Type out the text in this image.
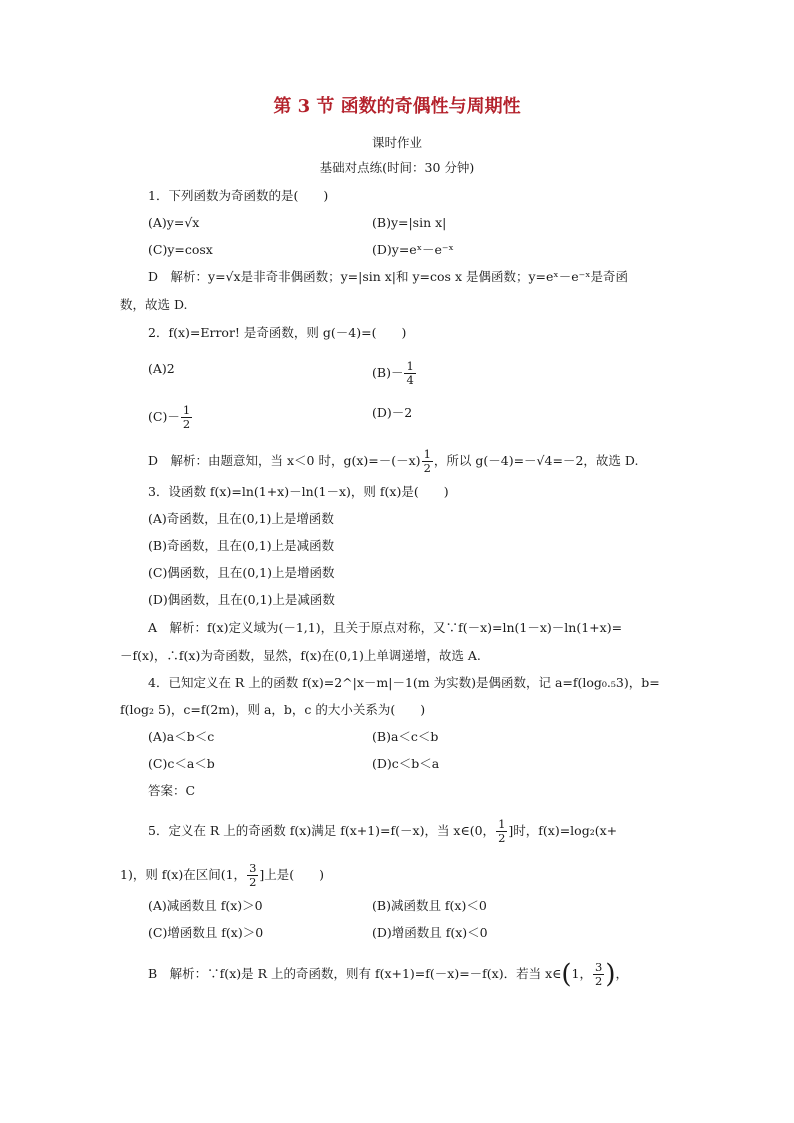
第 3 节 函数的奇偶性与周期性
课时作业
基础对点练(时间：30 分钟)
1．下列函数为奇函数的是(　　)
(A)y=√x	(B)y=|sin x|
(C)y=cosx	(D)y=eˣ－e⁻ˣ
D　解析：y=√x是非奇非偶函数；y=|sin x|和 y=cos x 是偶函数；y=eˣ－e⁻ˣ是奇函
数，故选 D.
2．f(x)=Error! 是奇函数，则 g(－4)=(　　)
(A)2	$(B)- \frac{1}{4}$
$(C)- \frac{1}{2}$	(D)－2
D　解析：由题意知，当 x＜0 时，$g(x)=-(-x) \frac{1}{2}$ ，所以 g(－4)=－√4=－2，故选 D.
3．设函数 f(x)=ln(1+x)－ln(1－x)，则 f(x)是(　　)
(A)奇函数，且在(0,1)上是增函数
(B)奇函数，且在(0,1)上是减函数
(C)偶函数，且在(0,1)上是增函数
(D)偶函数，且在(0,1)上是减函数
A　解析：f(x)定义域为(－1,1)，且关于原点对称，又∵f(－x)=ln(1－x)－ln(1+x)=
－f(x)，∴f(x)为奇函数，显然，f(x)在(0,1)上单调递增，故选 A.
4．已知定义在 R 上的函数 f(x)=2^|x－m|－1(m 为实数)是偶函数，记 a=f(log₀.₅3)，b=
f(log₂ 5)，c=f(2m)，则 a，b，c 的大小关系为(　　)
(A)a＜b＜c	(B)a＜c＜b
(C)c＜a＜b	(D)c＜b＜a
答案：C
5．定义在 R 上的奇函数 f(x)满足 f(x+1)=f(－x)，当 x∈(0， $\frac{1}{2}$ ]时，f(x)=log₂(x+
1)，则 f(x)在区间(1， $\frac{3}{2}$ ]上是(　　)
(A)减函数且 f(x)＞0	(B)减函数且 f(x)＜0
(C)增函数且 f(x)＞0	(D)增函数且 f(x)＜0
B　解析：∵f(x)是 R 上的奇函数，则有 f(x+1)=f(－x)=－f(x)．若当 x∈(1， $\frac{3}{2}$ )，
